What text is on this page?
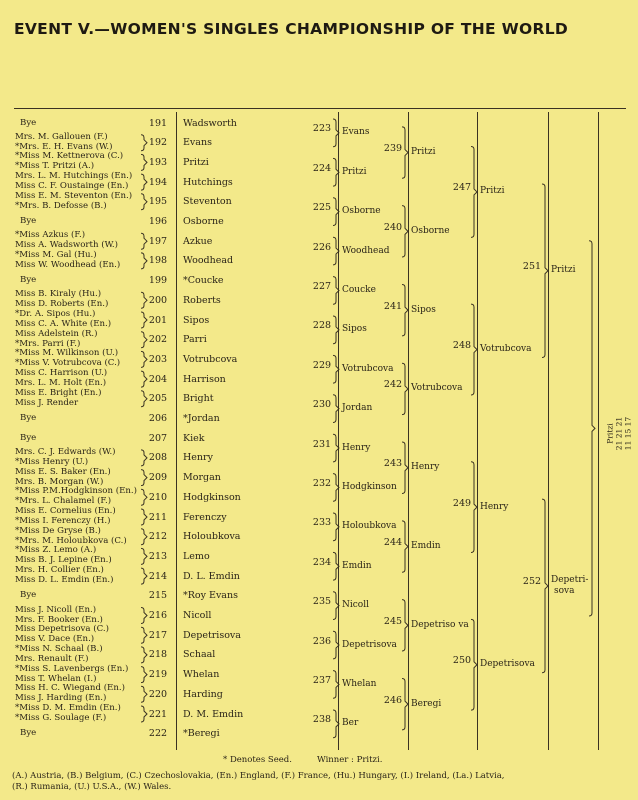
EVENT V.—WOMEN'S SINGLES CHAMPIONSHIP OF THE WORLD
Bye	191	Wadsworth
Mrs. M. Gallouen (F.)
*Mrs. E. H. Evans (W.)	192	Evans
*Miss M. Kettnerova (C.)
*Miss T. Pritzi (A.)	193	Pritzi
Mrs. L. M. Hutchings (En.)
Miss C. F. Oustainge (En.)	194	Hutchings
Miss E. M. Steventon (En.)
*Mrs. B. Defosse (B.)	195	Steventon
Bye	196	Osborne
*Miss Azkus (F.)
Miss A. Wadsworth (W.)	197	Azkue
*Miss M. Gal (Hu.)
Miss W. Woodhead (En.)	198	Woodhead
Bye	199	*Coucke
Miss B. Kiraly (Hu.)
Miss D. Roberts (En.)	200	Roberts
*Dr. A. Sipos (Hu.)
Miss C. A. White (En.)	201	Sipos
Miss Adelstein (R.)
*Mrs. Parri (F.)	202	Parri
*Miss M. Wilkinson (U.)
*Miss V. Votrubcova (C.)	203	Votrubcova
Miss C. Harrison (U.)
Mrs. L. M. Holt (En.)	204	Harrison
Miss E. Bright (En.)
Miss J. Render	205	Bright
Bye	206	*Jordan
Bye	207	Kiek
Mrs. C. J. Edwards (W.)
*Miss Henry (U.)	208	Henry
Miss E. S. Baker (En.)
Mrs. B. Morgan (W.)	209	Morgan
*Miss P.M.Hodgkinson (En.)
*Mrs. L. Chalamel (F.)	210	Hodgkinson
Miss E. Cornelius (En.)
*Miss I. Ferenczy (H.)	211	Ferenczy
*Miss De Gryse (B.)
*Mrs. M. Holoubkova (C.)	212	Holoubkova
*Miss Z. Lemo (A.)
Miss B. J. Lepine (En.)	213	Lemo
Mrs. H. Collier (En.)
Miss D. L. Emdin (En.)	214	D. L. Emdin
Bye	215	*Roy Evans
Miss J. Nicoll (En.)
Mrs. F. Booker (En.)	216	Nicoll
Miss Depetrisova (C.)
Miss V. Dace (En.)	217	Depetrisova
*Miss N. Schaal (B.)
Mrs. Renault (F.)	218	Schaal
*Miss S. Lavenbergs (En.)
Miss T. Whelan (I.)	219	Whelan
Miss H. C. Wiegand (En.)
Miss J. Harding (En.)	220	Harding
*Miss D. M. Emdin (En.)
*Miss G. Soulage (F.)	221	D. M. Emdin
Bye	222	*Beregi
223	Evans
224	Pritzi
225	Osborne
226	Woodhead
227	Coucke
228	Sipos
229	Votrubcova
230	Jordan
231	Henry
232	Hodgkinson
233	Holoubkova
234	Emdin
235	Nicoll
236	Depetrisova
237	Whelan
238	Ber
239 Pritzi
240 Osborne
241 Sipos
242 Votrubcova
243 Henry
244 Emdin
245 Depetriso va
246 Beregi
247 Pritzi
248 Votrubcova
249 Henry
250 Depetrisova
251	Pritzi
252	Depetri-
sova
Pritzi 21 21 21 11 15 17
* Denotes Seed.	Winner : Pritzi.
(A.) Austria, (B.) Belgium, (C.) Czechoslovakia, (En.) England, (F.) France, (Hu.) Hungary, (I.) Ireland, (La.) Latvia,
(R.) Rumania, (U.) U.S.A., (W.) Wales.
